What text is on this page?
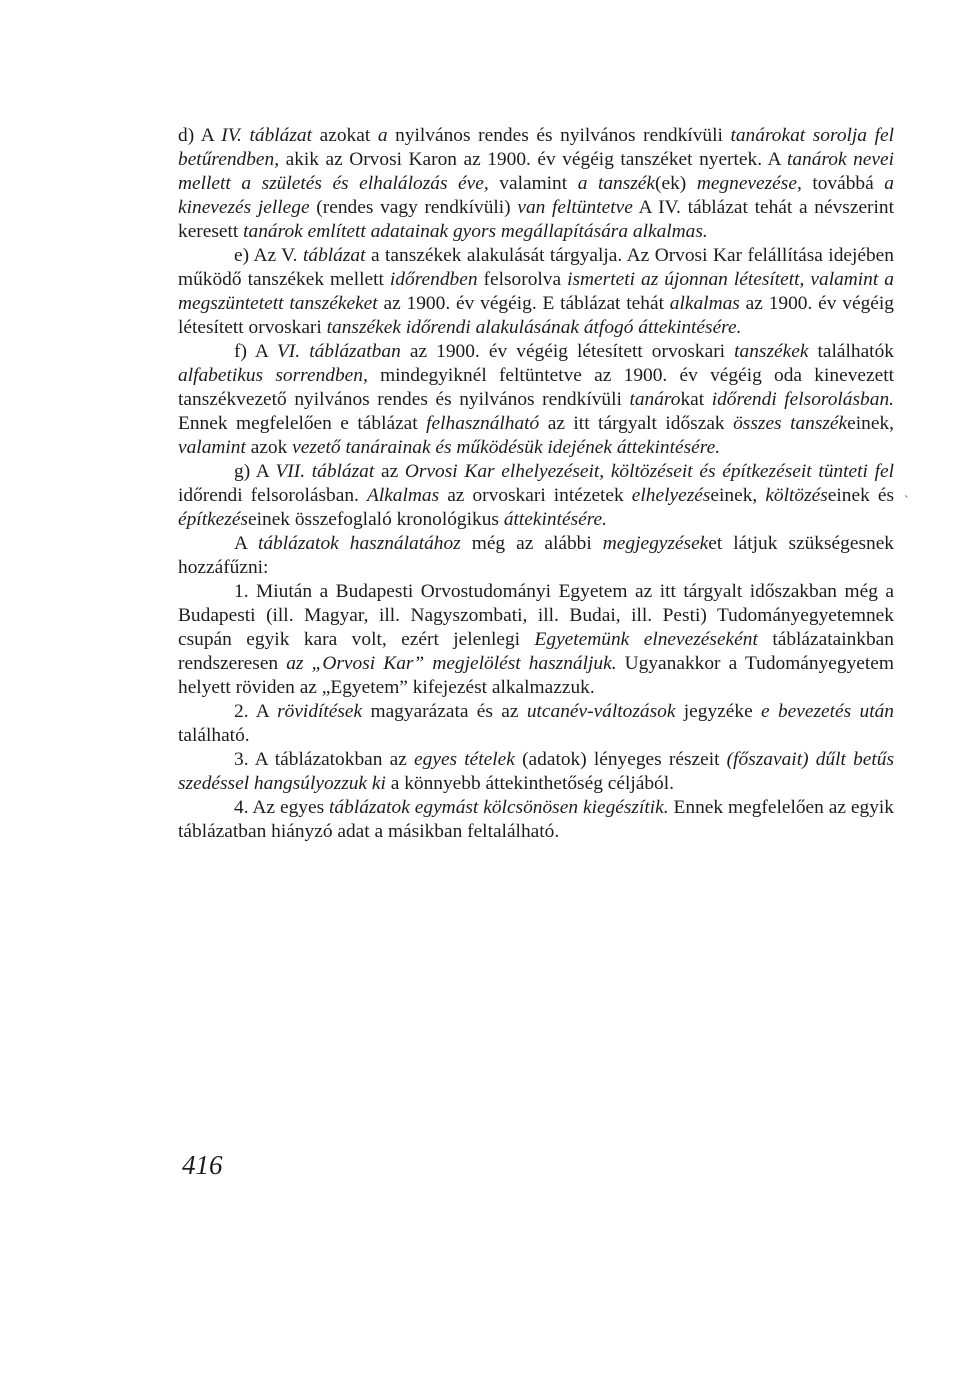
d) A IV. táblázat azokat a nyilvános rendes és nyilvános rendkívüli tanárokat sorolja fel betűrendben, akik az Orvosi Karon az 1900. év végéig tanszéket nyertek. A tanárok nevei mellett a születés és elhalálozás éve, valamint a tanszék(ek) megnevezése, továbbá a kinevezés jellege (rendes vagy rendkívüli) van feltüntetve A IV. táblázat tehát a névszerint keresett tanárok említett adatainak gyors megállapítására alkalmas.

e) Az V. táblázat a tanszékek alakulását tárgyalja. Az Orvosi Kar felállítása idejében működő tanszékek mellett időrendben felsorolva ismerteti az újonnan létesített, valamint a megszüntetett tanszékeket az 1900. év végéig. E táblázat tehát alkalmas az 1900. év végéig létesített orvoskari tanszékek időrendi alakulásának átfogó áttekintésére.

f) A VI. táblázatban az 1900. év végéig létesített orvoskari tanszékek találhatók alfabetikus sorrendben, mindegyiknél feltüntetve az 1900. év végéig oda kinevezett tanszékvezető nyilvános rendes és nyilvános rendkívüli tanárokat időrendi felsorolásban. Ennek megfelelően e táblázat felhasználható az itt tárgyalt időszak összes tanszékeinek, valamint azok vezető tanárainak és működésük idejének áttekintésére.

g) A VII. táblázat az Orvosi Kar elhelyezéseit, költözéseit és építkezéseit tünteti fel időrendi felsorolásban. Alkalmas az orvoskari intézetek elhelyezéseinek, költözéseinek és építkezéseinek összefoglaló kronológikus áttekintésére.

A táblázatok használatához még az alábbi megjegyzéseket látjuk szükségesnek hozzáfűzni:

1. Miután a Budapesti Orvostudományi Egyetem az itt tárgyalt időszakban még a Budapesti (ill. Magyar, ill. Nagyszombati, ill. Budai, ill. Pesti) Tudományegyetemnek csupán egyik kara volt, ezért jelenlegi Egyetemünk elnevezéseként táblázatainkban rendszeresen az „Orvosi Kar” megjelölést használjuk. Ugyanakkor a Tudományegyetem helyett röviden az „Egyetem” kifejezést alkalmazzuk.

2. A rövidítések magyarázata és az utcanév-változások jegyzéke e bevezetés után található.

3. A táblázatokban az egyes tételek (adatok) lényeges részeit (főszavait) dűlt betűs szedéssel hangsúlyozzuk ki a könnyebb áttekinthetőség céljából.

4. Az egyes táblázatok egymást kölcsönösen kiegészítik. Ennek megfelelően az egyik táblázatban hiányzó adat a másikban feltalálható.

416
ˋ
